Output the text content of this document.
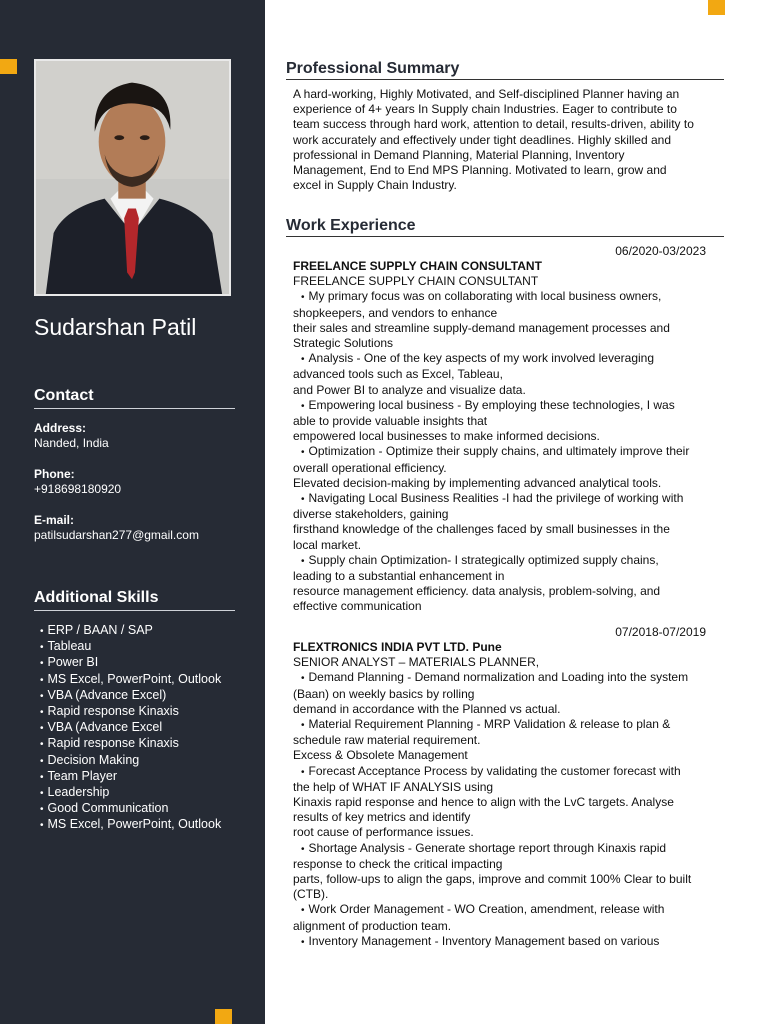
Sudarshan Patil
Contact
Address:
Nanded, India
Phone:
+918698180920
E-mail:
patilsudarshan277@gmail.com
Additional Skills
• ERP / BAAN / SAP
• Tableau
• Power BI
• MS Excel, PowerPoint, Outlook
• VBA (Advance Excel)
• Rapid response Kinaxis
• VBA (Advance Excel
• Rapid response Kinaxis
• Decision Making
• Team Player
• Leadership
• Good Communication
• MS Excel, PowerPoint, Outlook
Professional Summary
A hard-working, Highly Motivated, and Self-disciplined Planner having an
experience of 4+ years In Supply chain Industries. Eager to contribute to
team success through hard work, attention to detail, results-driven, ability to
work accurately and effectively under tight deadlines. Highly skilled and
professional in Demand Planning, Material Planning, Inventory
Management, End to End MPS Planning. Motivated to learn, grow and
excel in Supply Chain Industry.
Work Experience
06/2020-03/2023
FREELANCE SUPPLY CHAIN CONSULTANT
FREELANCE SUPPLY CHAIN CONSULTANT
• My primary focus was on collaborating with local business owners,
shopkeepers, and vendors to enhance
their sales and streamline supply-demand management processes and
Strategic Solutions
• Analysis - One of the key aspects of my work involved leveraging
advanced tools such as Excel, Tableau,
and Power BI to analyze and visualize data.
• Empowering local business - By employing these technologies, I was
able to provide valuable insights that
empowered local businesses to make informed decisions.
• Optimization - Optimize their supply chains, and ultimately improve their
overall operational efficiency.
Elevated decision-making by implementing advanced analytical tools.
• Navigating Local Business Realities -I had the privilege of working with
diverse stakeholders, gaining
firsthand knowledge of the challenges faced by small businesses in the
local market.
• Supply chain Optimization- I strategically optimized supply chains,
leading to a substantial enhancement in
resource management efficiency. data analysis, problem-solving, and
effective communication
07/2018-07/2019
FLEXTRONICS INDIA PVT LTD. Pune
SENIOR ANALYST – MATERIALS PLANNER,
• Demand Planning - Demand normalization and Loading into the system
(Baan) on weekly basics by rolling
demand in accordance with the Planned vs actual.
• Material Requirement Planning - MRP Validation & release to plan &
schedule raw material requirement.
Excess & Obsolete Management
• Forecast Acceptance Process by validating the customer forecast with
the help of WHAT IF ANALYSIS using
Kinaxis rapid response and hence to align with the LvC targets. Analyse
results of key metrics and identify
root cause of performance issues.
• Shortage Analysis - Generate shortage report through Kinaxis rapid
response to check the critical impacting
parts, follow-ups to align the gaps, improve and commit 100% Clear to built
(CTB).
• Work Order Management - WO Creation, amendment, release with
alignment of production team.
• Inventory Management - Inventory Management based on various
